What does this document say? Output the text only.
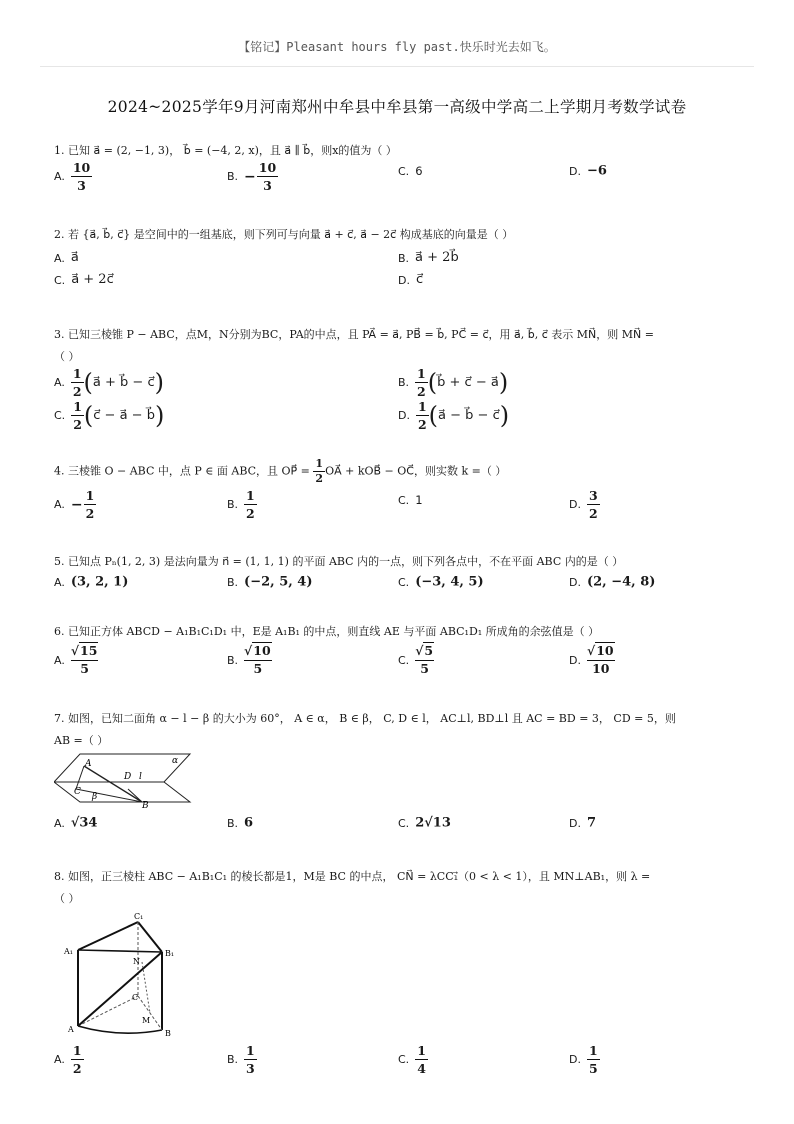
【铭记】Pleasant hours fly past.快乐时光去如飞。
2024~2025学年9月河南郑州中牟县中牟县第一高级中学高二上学期月考数学试卷
1. 已知 a⃗ = (2, −1, 3)， b⃗ = (−4, 2, x)，且 a⃗ ∥ b⃗，则x的值为（ ）
A. $\frac{10}{3}$	B. − $\frac{10}{3}$	C. 6	D. −6
2. 若 {a⃗, b⃗, c⃗} 是空间中的一组基底，则下列可与向量 a⃗ + c⃗, a⃗ − 2c⃗ 构成基底的向量是（ ）
A. a⃗	B. a⃗ + 2b⃗
C. a⃗ + 2c⃗	D. c⃗
3. 已知三棱锥 P − ABC，点M，N分别为BC，PA的中点，且 PA⃗ = a⃗, PB⃗ = b⃗, PC⃗ = c⃗，用 a⃗, b⃗, c⃗ 表示 MN⃗，则 MN⃗ =
（ ）
A. $\frac{1}{2}$ (a⃗ + b⃗ − c⃗)	B. $\frac{1}{2}$ (b⃗ + c⃗ − a⃗)
C. $\frac{1}{2}$ (c⃗ − a⃗ − b⃗)	D. $\frac{1}{2}$ (a⃗ − b⃗ − c⃗)
4. 三棱锥 O − ABC 中，点 P ∈ 面 ABC，且 OP⃗ = $\frac{1}{2}$ OA⃗ + kOB⃗ − OC⃗，则实数 k =（ ）
A. − $\frac{1}{2}$	B. $\frac{1}{2}$	C. 1	D. $\frac{3}{2}$
5. 已知点 Pₙ(1, 2, 3) 是法向量为 n⃗ = (1, 1, 1) 的平面 ABC 内的一点，则下列各点中，不在平面 ABC 内的是（ ）
A. (3, 2, 1)	B. (−2, 5, 4)	C. (−3, 4, 5)	D. (2, −4, 8)
6. 已知正方体 ABCD − A₁B₁C₁D₁ 中，E是 A₁B₁ 的中点，则直线 AE 与平面 ABC₁D₁ 所成角的余弦值是（ ）
A. $\frac{√15}{5}$	B. $\frac{√10}{5}$	C. $\frac{√5}{5}$	D. $\frac{√10}{10}$
7. 如图，已知二面角 α − l − β 的大小为 60°， A ∈ α， B ∈ β， C, D ∈ l， AC⊥l, BD⊥l 且 AC = BD = 3， CD = 5，则
AB =（ ）
A	α
D l
C β
B
A. √34	B. 6	C. 2√13	D. 7
8. 如图，正三棱柱 ABC − A₁B₁C₁ 的棱长都是1，M是 BC 的中点， CN⃗ = λCC₁⃗（0 < λ < 1），且 MN⊥AB₁，则 λ =
（ ）
C₁
A₁	B₁
N
C
M
A	B
A. $\frac{1}{2}$	B. $\frac{1}{3}$	C. $\frac{1}{4}$	D. $\frac{1}{5}$
